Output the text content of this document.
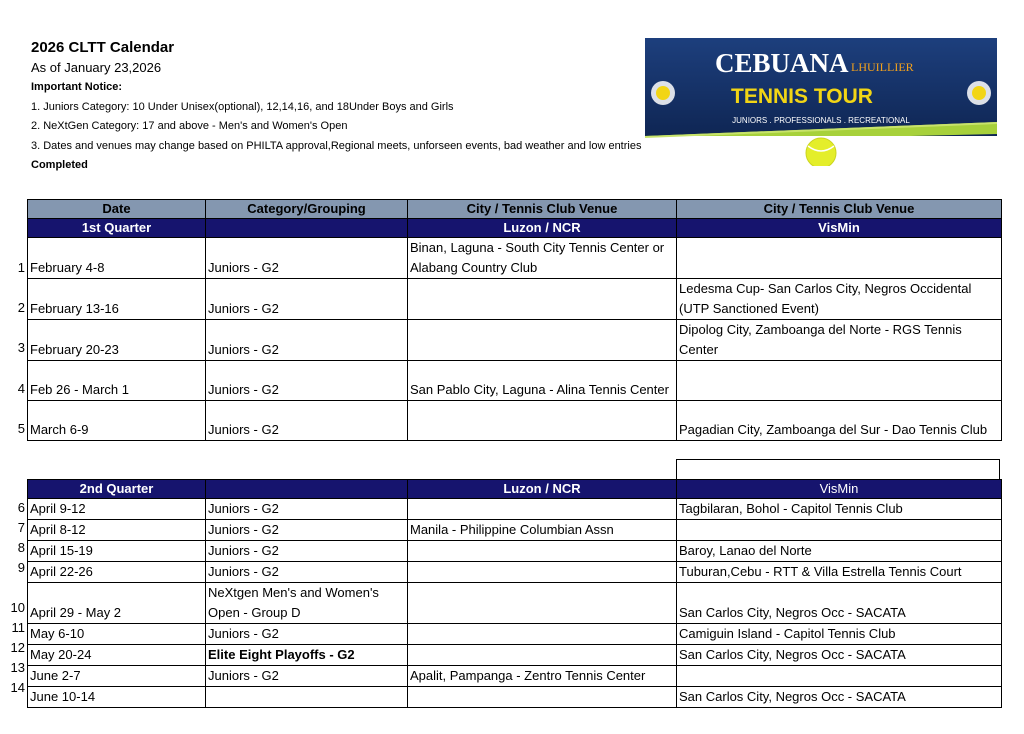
2026 CLTT Calendar
As of January 23,2026
Important Notice:
1. Juniors Category: 10 Under Unisex(optional), 12,14,16, and 18Under Boys and Girls
2. NeXtGen Category: 17 and above - Men's and Women's Open
3. Dates and venues may change based on PHILTA approval,Regional meets, unforseen events, bad weather and low entries
Completed
CEBUANA LHUILLIER
TENNIS TOUR
JUNIORS . PROFESSIONALS . RECREATIONAL
1
2
3
4
5
Date	Category/Grouping	City / Tennis Club Venue	City / Tennis Club Venue
1st Quarter		Luzon / NCR	VisMin
February 4-8	Juniors - G2	Binan, Laguna - South City Tennis Center or Alabang Country Club	
February 13-16	Juniors - G2		Ledesma Cup- San Carlos City, Negros Occidental (UTP Sanctioned Event)
February 20-23	Juniors - G2		Dipolog City, Zamboanga del Norte - RGS Tennis Center
Feb 26 - March 1	Juniors - G2	San Pablo City, Laguna - Alina Tennis Center	
March 6-9	Juniors - G2		Pagadian City, Zamboanga del Sur - Dao Tennis Club
6
7
8
9
10
11
12
13
14
2nd Quarter		Luzon / NCR	VisMin
April 9-12	Juniors - G2		Tagbilaran, Bohol - Capitol Tennis Club
April 8-12	Juniors - G2	Manila - Philippine Columbian Assn	
April 15-19	Juniors - G2		Baroy, Lanao del Norte
April 22-26	Juniors - G2		Tuburan,Cebu - RTT & Villa Estrella Tennis Court
April 29 - May 2	NeXtgen Men's and Women's Open - Group D		San Carlos City, Negros Occ - SACATA
May 6-10	Juniors - G2		Camiguin Island - Capitol Tennis Club
May 20-24	Elite Eight Playoffs - G2		San Carlos City, Negros Occ - SACATA
June 2-7	Juniors - G2	Apalit, Pampanga - Zentro Tennis Center	
June 10-14			San Carlos City, Negros Occ - SACATA
